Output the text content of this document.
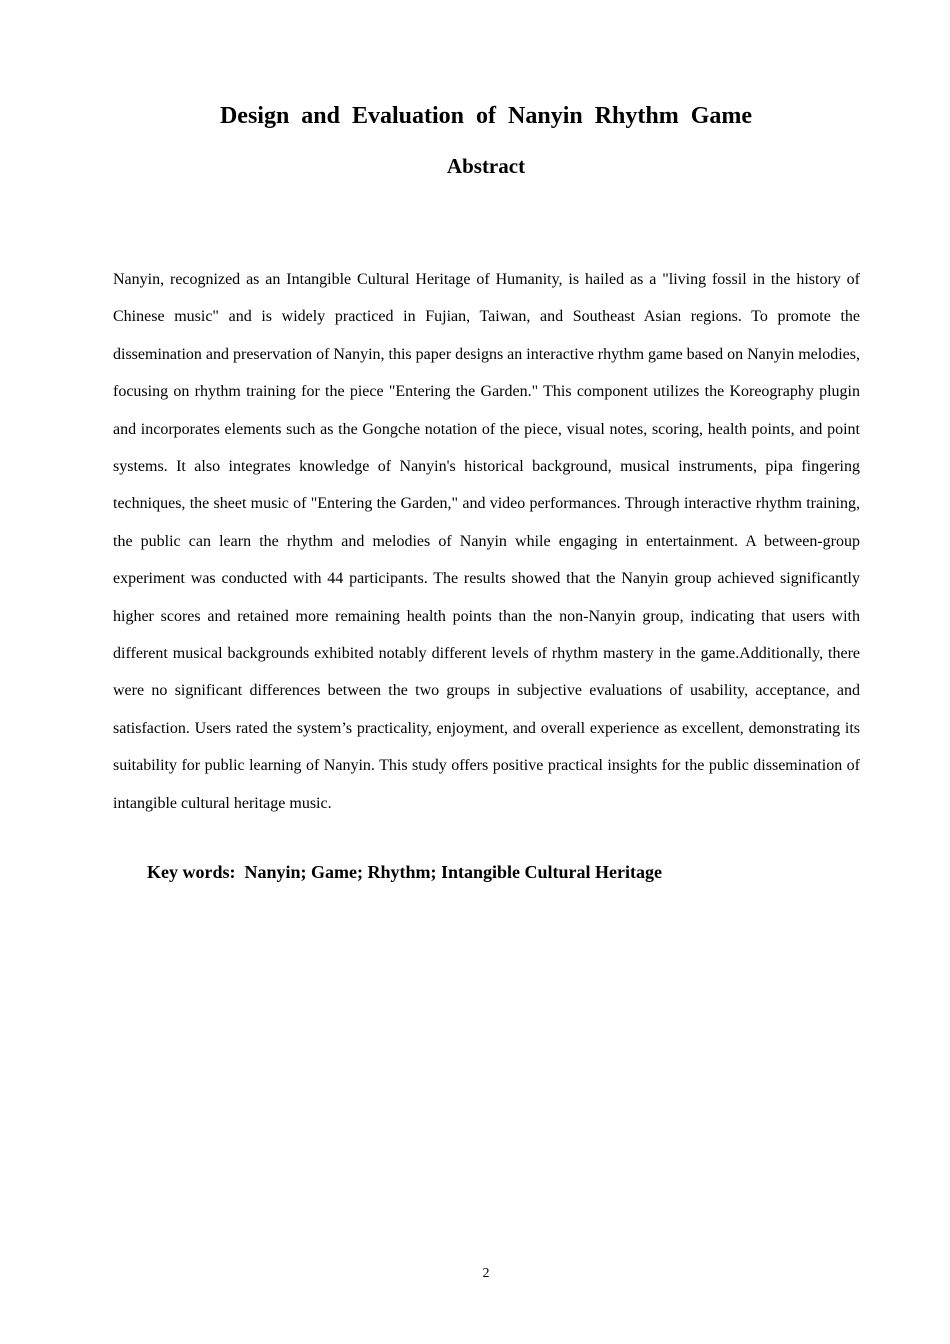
Design and Evaluation of Nanyin Rhythm Game
Abstract

Nanyin, recognized as an Intangible Cultural Heritage of Humanity, is hailed as a "living fossil in the history of Chinese music" and is widely practiced in Fujian, Taiwan, and Southeast Asian regions. To promote the dissemination and preservation of Nanyin, this paper designs an interactive rhythm game based on Nanyin melodies, focusing on rhythm training for the piece "Entering the Garden." This component utilizes the Koreography plugin and incorporates elements such as the Gongche notation of the piece, visual notes, scoring, health points, and point systems. It also integrates knowledge of Nanyin's historical background, musical instruments, pipa fingering techniques, the sheet music of "Entering the Garden," and video performances. Through interactive rhythm training, the public can learn the rhythm and melodies of Nanyin while engaging in entertainment. A between-group experiment was conducted with 44 participants. The results showed that the Nanyin group achieved significantly higher scores and retained more remaining health points than the non-Nanyin group, indicating that users with different musical backgrounds exhibited notably different levels of rhythm mastery in the game.Additionally, there were no significant differences between the two groups in subjective evaluations of usability, acceptance, and satisfaction. Users rated the system’s practicality, enjoyment, and overall experience as excellent, demonstrating its suitability for public learning of Nanyin. This study offers positive practical insights for the public dissemination of intangible cultural heritage music.

Key words:  Nanyin; Game; Rhythm; Intangible Cultural Heritage

2
